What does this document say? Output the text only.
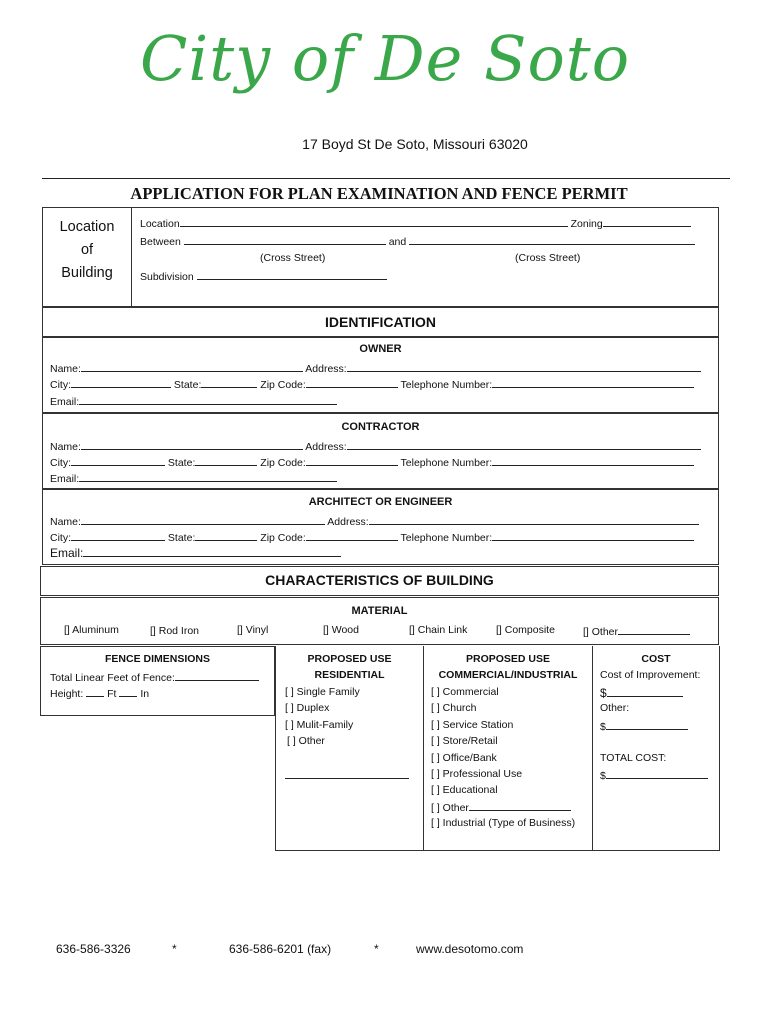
City of De Soto
17 Boyd St De Soto, Missouri 63020
APPLICATION FOR PLAN EXAMINATION AND FENCE PERMIT
Location
of
Building
Location	Zoning
Between	and
(Cross Street)	(Cross Street)
Subdivision
IDENTIFICATION
OWNER
Name:	Address:
City:	State:	Zip Code:	Telephone Number:
Email:
CONTRACTOR
Name:	Address:
City:	State:	Zip Code:	Telephone Number:
Email:
ARCHITECT OR ENGINEER
Name:	Address:
City:	State:	Zip Code:	Telephone Number:
Email:
CHARACTERISTICS OF BUILDING
MATERIAL
[] Aluminum	[] Rod Iron	[] Vinyl	[] Wood	[] Chain Link	[] Composite	[] Other
FENCE DIMENSIONS
Total Linear Feet of Fence:
Height: Ft In
PROPOSED USE
RESIDENTIAL
[ ] Single Family
[ ] Duplex
[ ] Mulit-Family
[ ] Other
PROPOSED USE
COMMERCIAL/INDUSTRIAL
[ ] Commercial
[ ] Church
[ ] Service Station
[ ] Store/Retail
[ ] Office/Bank
[ ] Professional Use
[ ] Educational
[ ] Other
[ ] Industrial (Type of Business)
COST
Cost of Improvement:
$
Other:
$
TOTAL COST:
$
636-586-3326	*	636-586-6201 (fax)	*	www.desotomo.com
